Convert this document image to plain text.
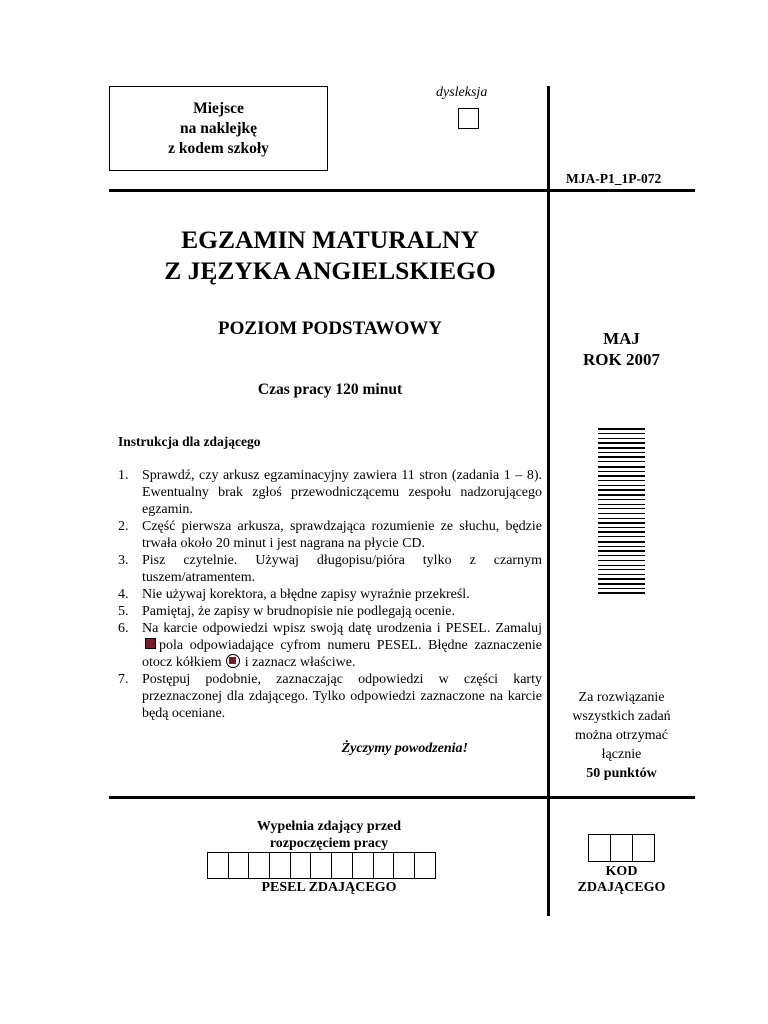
Miejsce
na naklejkę
z kodem szkoły
dysleksja
MJA-P1_1P-072
EGZAMIN MATURALNY
Z JĘZYKA ANGIELSKIEGO
POZIOM PODSTAWOWY
Czas pracy 120 minut
MAJ
ROK 2007
Za rozwiązanie
wszystkich zadań
można otrzymać
łącznie
50 punktów
Instrukcja dla zdającego
1. Sprawdź, czy arkusz egzaminacyjny zawiera 11 stron (zadania 1 – 8). Ewentualny brak zgłoś przewodniczącemu zespołu nadzorującego egzamin.
2. Część pierwsza arkusza, sprawdzająca rozumienie ze słuchu, będzie trwała około 20 minut i jest nagrana na płycie CD.
3. Pisz czytelnie. Używaj długopisu/pióra tylko z czarnym tuszem/atramentem.
4. Nie używaj korektora, a błędne zapisy wyraźnie przekreśl.
5. Pamiętaj, że zapisy w brudnopisie nie podlegają ocenie.
6. Na karcie odpowiedzi wpisz swoją datę urodzenia i PESEL. Zamalujpola odpowiadające cyfrom numeru PESEL. Błędne zaznaczenie otocz kółkiem i zaznacz właściwe.
7. Postępuj podobnie, zaznaczając odpowiedzi w części karty przeznaczonej dla zdającego. Tylko odpowiedzi zaznaczone na karcie będą oceniane.
Życzymy powodzenia!
Wypełnia zdający przed
rozpoczęciem pracy
PESEL ZDAJĄCEGO
KOD
ZDAJĄCEGO
